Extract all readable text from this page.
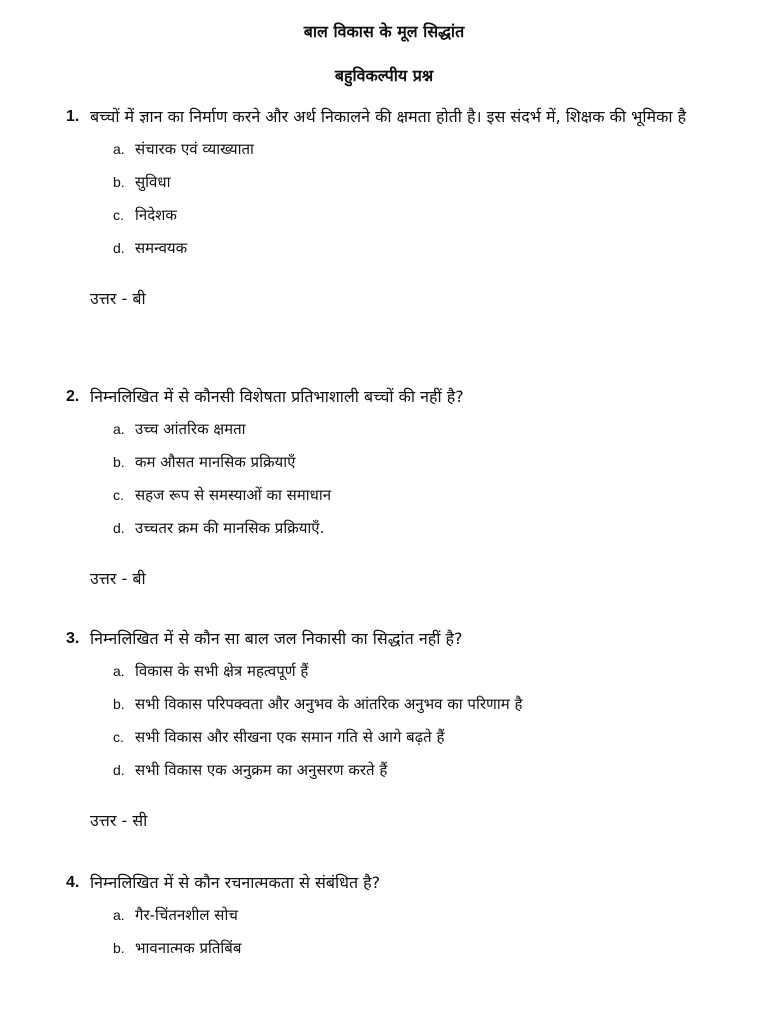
बाल विकास के मूल सिद्धांत
बहुविकल्पीय प्रश्न
1. बच्चों में ज्ञान का निर्माण करने और अर्थ निकालने की क्षमता होती है। इस संदर्भ में, शिक्षक की भूमिका है
a. संचारक एवं व्याख्याता
b. सुविधा
c. निदेशक
d. समन्वयक
उत्तर - बी
2. निम्नलिखित में से कौनसी विशेषता प्रतिभाशाली बच्चों की नहीं है?
a. उच्च आंतरिक क्षमता
b. कम औसत मानसिक प्रक्रियाएँ
c. सहज रूप से समस्याओं का समाधान
d. उच्चतर क्रम की मानसिक प्रक्रियाएँ.
उत्तर - बी
3. निम्नलिखित में से कौन सा बाल जल निकासी का सिद्धांत नहीं है?
a. विकास के सभी क्षेत्र महत्वपूर्ण हैं
b. सभी विकास परिपक्वता और अनुभव के आंतरिक अनुभव का परिणाम है
c. सभी विकास और सीखना एक समान गति से आगे बढ़ते हैं
d. सभी विकास एक अनुक्रम का अनुसरण करते हैं
उत्तर - सी
4. निम्नलिखित में से कौन रचनात्मकता से संबंधित है?
a. गैर-चिंतनशील सोच
b. भावनात्मक प्रतिबिंब
